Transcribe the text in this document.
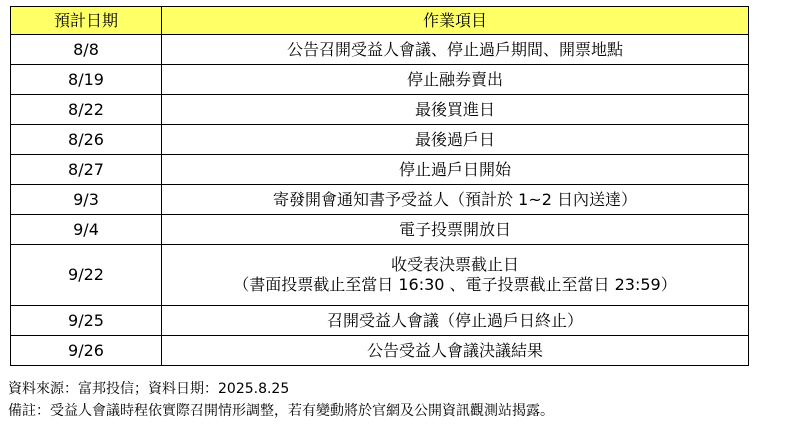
預計日期	作業項目
8/8	公告召開受益人會議、停止過戶期間、開票地點

8/19	停止融券賣出

8/22	最後買進日

8/26	最後過戶日

8/27	停止過戶日開始

9/3	寄發開會通知書予受益人（預計於 1~2 日內送達）

9/4	電子投票開放日

9/22	收受表決票截止日
（書面投票截止至當日 16:30 、電子投票截止至當日 23:59）

9/25	召開受益人會議（停止過戶日終止）

9/26	公告受益人會議決議結果
資料來源：富邦投信；資料日期：2025.8.25
備註：受益人會議時程依實際召開情形調整，若有變動將於官網及公開資訊觀測站揭露。
